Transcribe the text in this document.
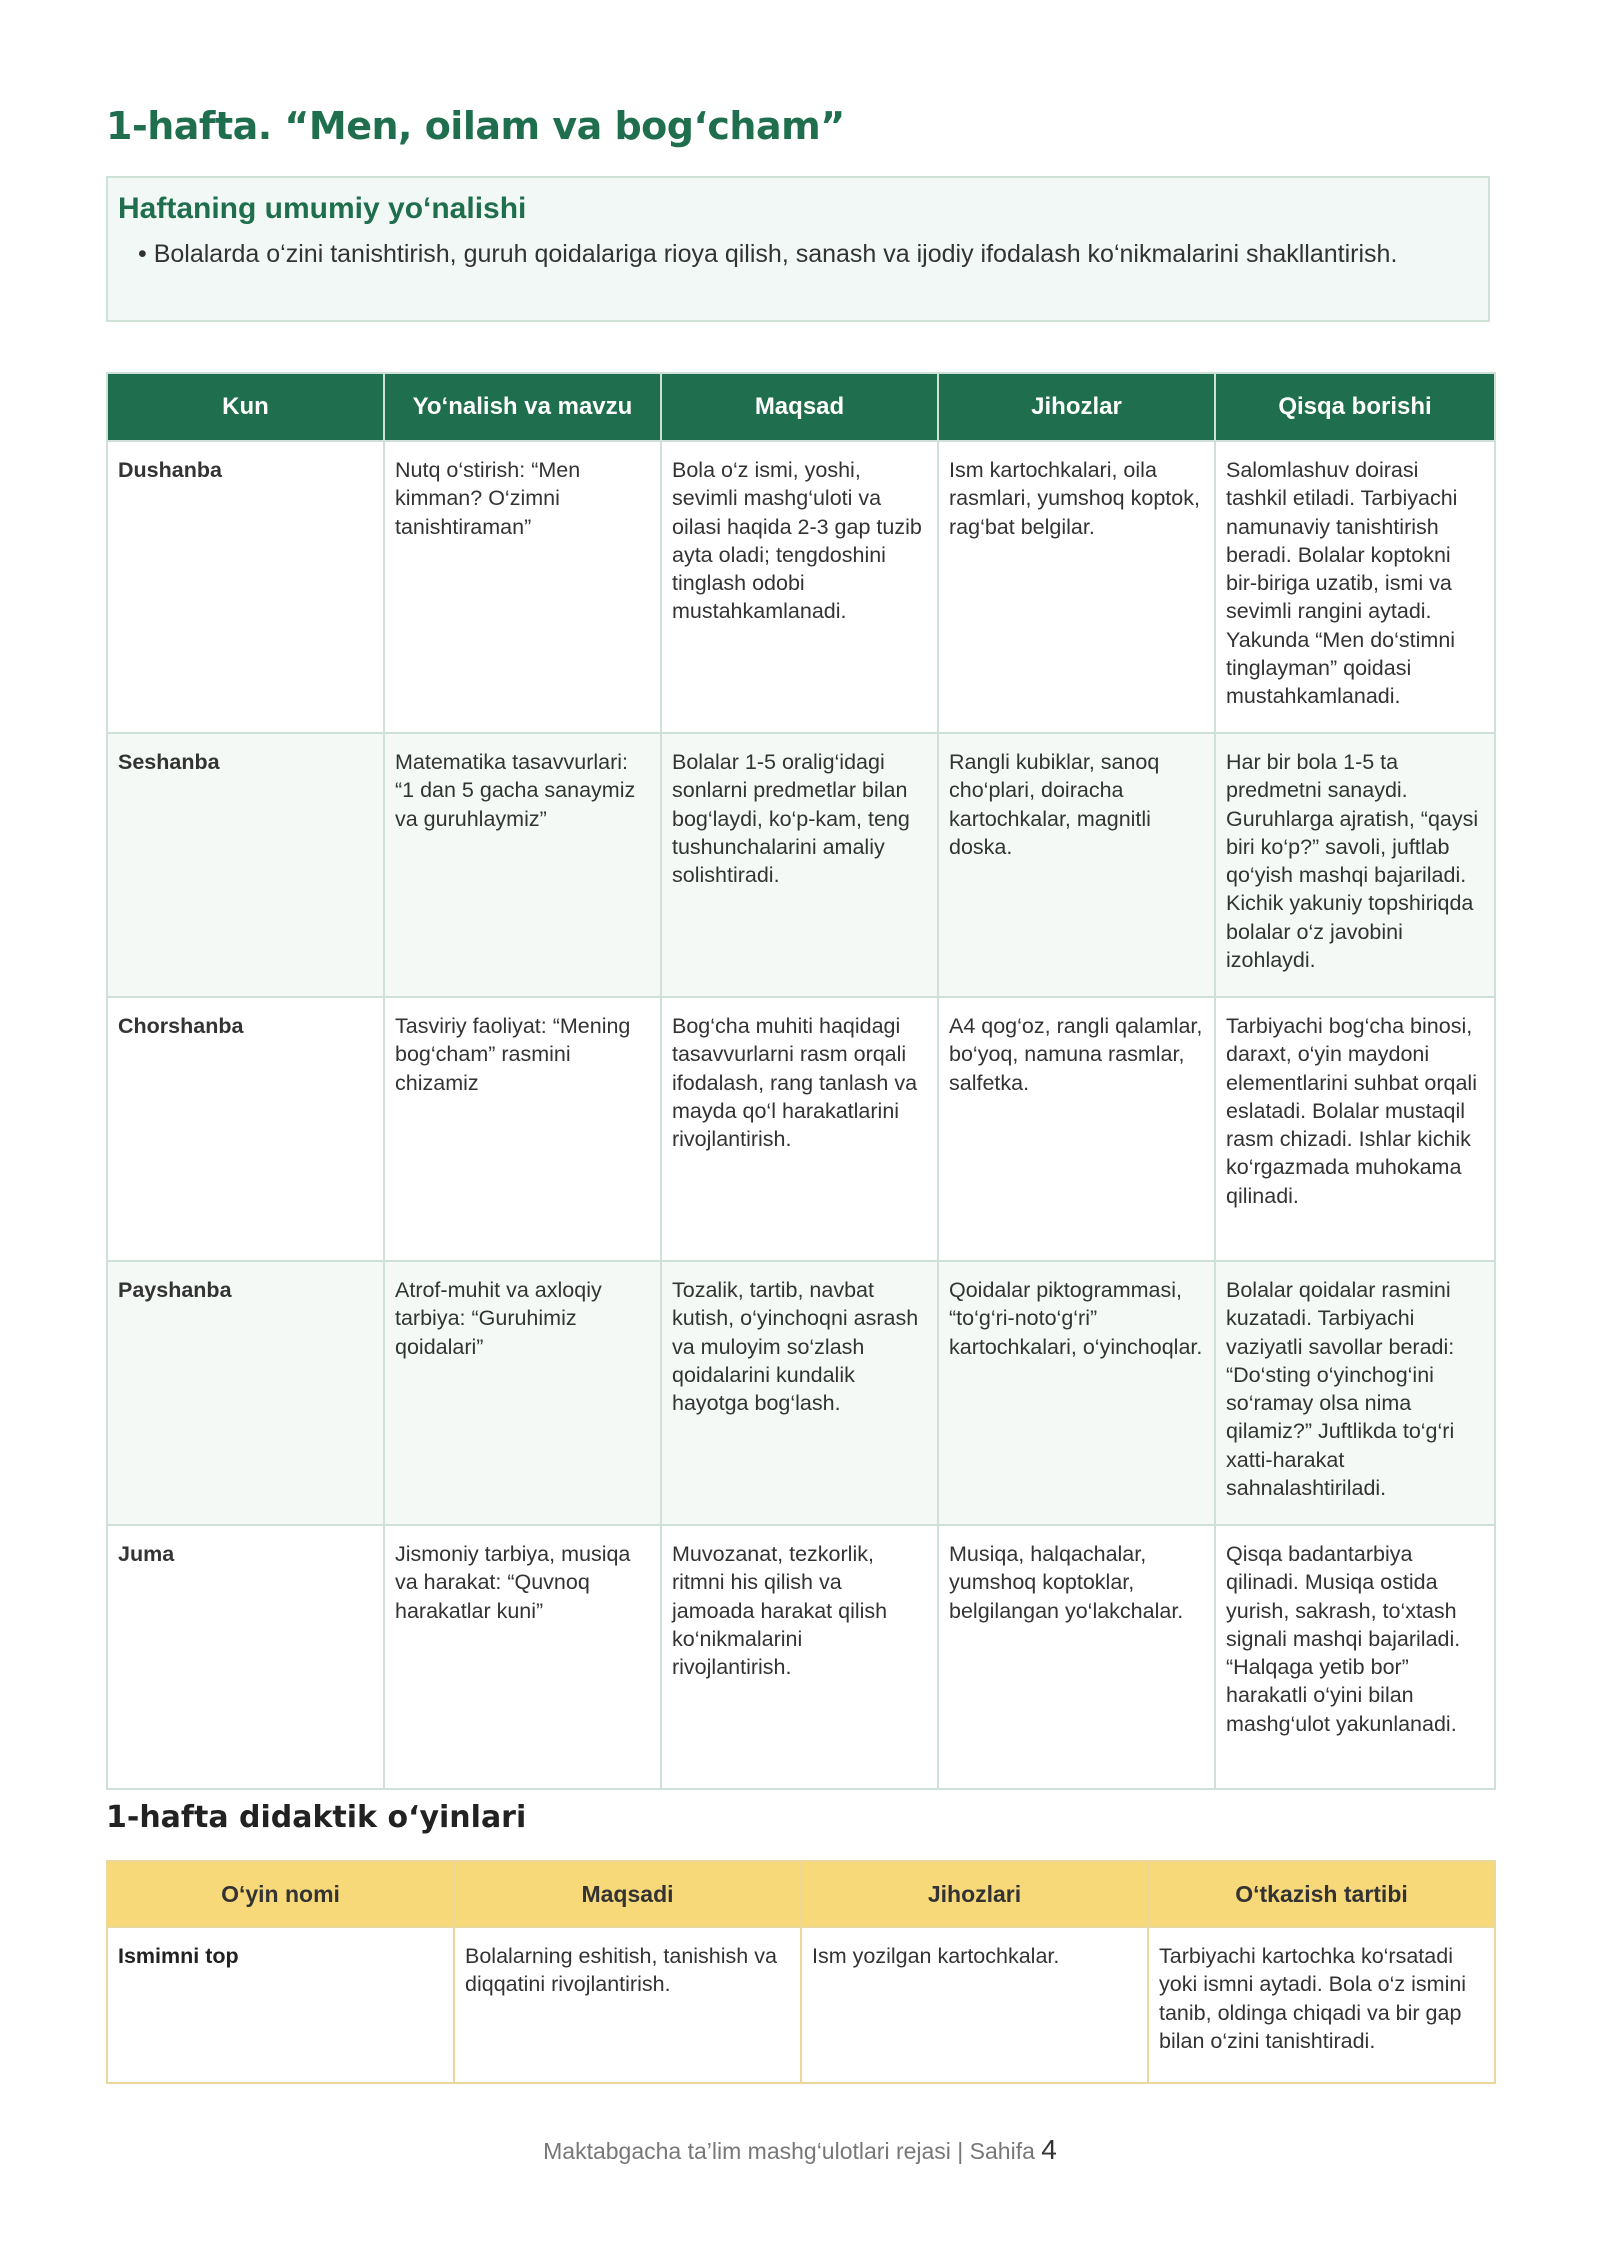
1-hafta. “Men, oilam va bog‘cham”
Haftaning umumiy yo‘nalishi

• Bolalarda o‘zini tanishtirish, guruh qoidalariga rioya qilish, sanash va ijodiy ifodalash ko‘nikmalarini shakllantirish.

Kun	Yo‘nalish va mavzu	Maqsad	Jihozlar	Qisqa borishi
Dushanba	Nutq o‘stirish: “Men kimman? O‘zimni tanishtiraman”	Bola o‘z ismi, yoshi, sevimli mashg‘uloti va oilasi haqida 2-3 gap tuzib ayta oladi; tengdoshini tinglash odobi mustahkamlanadi.	Ism kartochkalari, oila rasmlari, yumshoq koptok, rag‘bat belgilar.	Salomlashuv doirasi tashkil etiladi. Tarbiyachi namunaviy tanishtirish beradi. Bolalar koptokni bir-biriga uzatib, ismi va sevimli rangini aytadi. Yakunda “Men do‘stimni tinglayman” qoidasi mustahkamlanadi.
Seshanba	Matematika tasavvurlari: “1 dan 5 gacha sanaymiz va guruhlaymiz”	Bolalar 1-5 oralig‘idagi sonlarni predmetlar bilan bog‘laydi, ko‘p-kam, teng tushunchalarini amaliy solishtiradi.	Rangli kubiklar, sanoq cho‘plari, doiracha kartochkalar, magnitli doska.	Har bir bola 1-5 ta predmetni sanaydi. Guruhlarga ajratish, “qaysi biri ko‘p?” savoli, juftlab qo‘yish mashqi bajariladi. Kichik yakuniy topshiriqda bolalar o‘z javobini izohlaydi.
Chorshanba	Tasviriy faoliyat: “Mening bog‘cham” rasmini chizamiz	Bog‘cha muhiti haqidagi tasavvurlarni rasm orqali ifodalash, rang tanlash va mayda qo‘l harakatlarini rivojlantirish.	A4 qog‘oz, rangli qalamlar, bo‘yoq, namuna rasmlar, salfetka.	Tarbiyachi bog‘cha binosi, daraxt, o‘yin maydoni elementlarini suhbat orqali eslatadi. Bolalar mustaqil rasm chizadi. Ishlar kichik ko‘rgazmada muhokama qilinadi.
Payshanba	Atrof-muhit va axloqiy tarbiya: “Guruhimiz qoidalari”	Tozalik, tartib, navbat kutish, o‘yinchoqni asrash va muloyim so‘zlash qoidalarini kundalik hayotga bog‘lash.	Qoidalar piktogrammasi, “to‘g‘ri-noto‘g‘ri” kartochkalari, o‘yinchoqlar.	Bolalar qoidalar rasmini kuzatadi. Tarbiyachi vaziyatli savollar beradi: “Do‘sting o‘yinchog‘ini so‘ramay olsa nima qilamiz?” Juftlikda to‘g‘ri xatti-harakat sahnalashtiriladi.
Juma	Jismoniy tarbiya, musiqa va harakat: “Quvnoq harakatlar kuni”	Muvozanat, tezkorlik, ritmni his qilish va jamoada harakat qilish ko‘nikmalarini rivojlantirish.	Musiqa, halqachalar, yumshoq koptoklar, belgilangan yo‘lakchalar.	Qisqa badantarbiya qilinadi. Musiqa ostida yurish, sakrash, to‘xtash signali mashqi bajariladi. “Halqaga yetib bor” harakatli o‘yini bilan mashg‘ulot yakunlanadi.
1-hafta didaktik o‘yinlari
O‘yin nomi	Maqsadi	Jihozlari	O‘tkazish tartibi
Ismimni top	Bolalarning eshitish, tanishish va diqqatini rivojlantirish.	Ism yozilgan kartochkalar.	Tarbiyachi kartochka ko‘rsatadi yoki ismni aytadi. Bola o‘z ismini tanib, oldinga chiqadi va bir gap bilan o‘zini tanishtiradi.
Maktabgacha ta’lim mashg‘ulotlari rejasi | Sahifa 4
